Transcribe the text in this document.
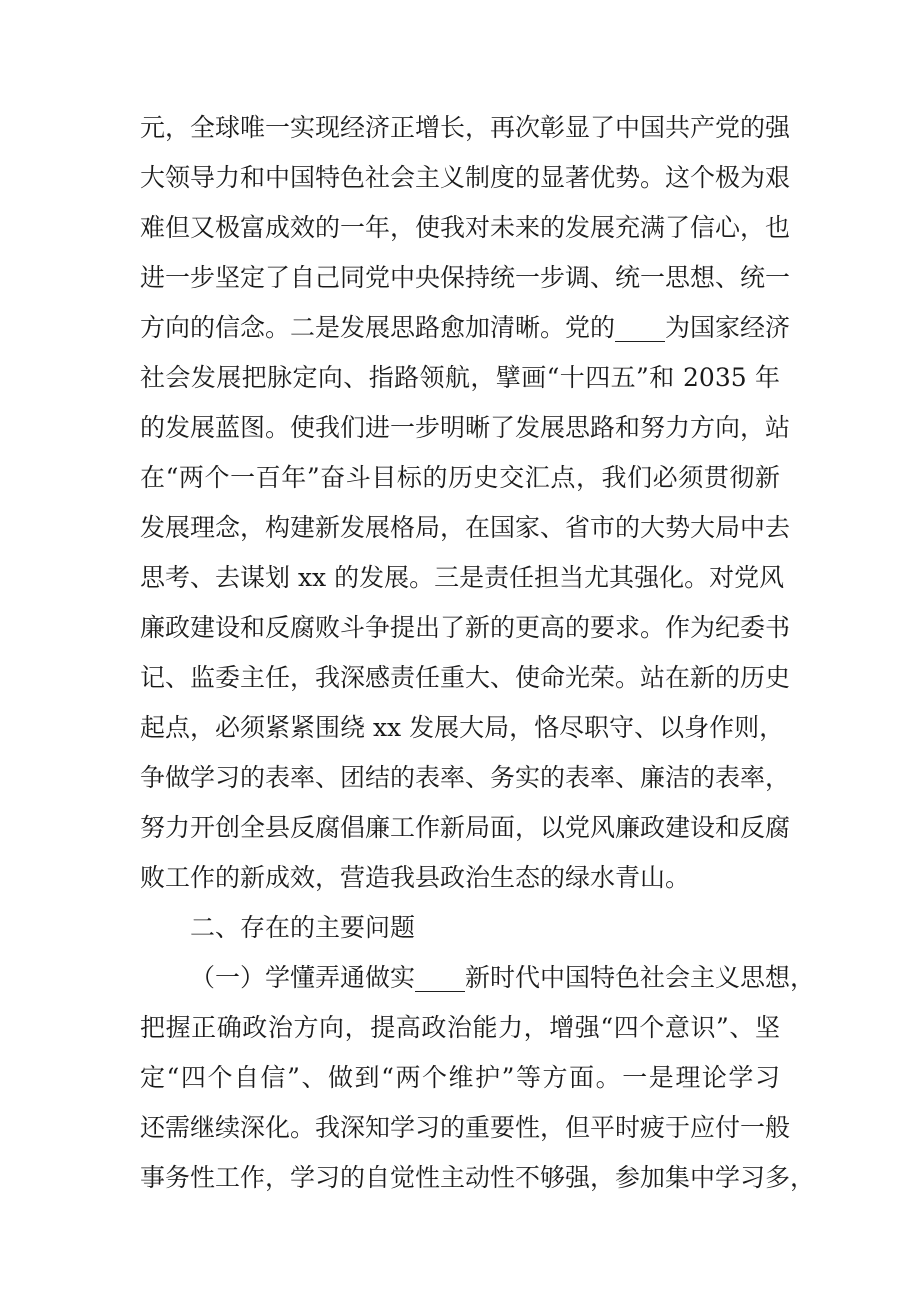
元，全球唯一实现经济正增长，再次彰显了中国共产党的强
大领导力和中国特色社会主义制度的显著优势。这个极为艰
难但又极富成效的一年，使我对未来的发展充满了信心，也
进一步坚定了自己同党中央保持统一步调、统一思想、统一
方向的信念。二是发展思路愈加清晰。党的____为国家经济
社会发展把脉定向、指路领航，擘画“十四五”和 2035 年
的发展蓝图。使我们进一步明晰了发展思路和努力方向，站
在“两个一百年”奋斗目标的历史交汇点，我们必须贯彻新
发展理念，构建新发展格局，在国家、省市的大势大局中去
思考、去谋划 xx 的发展。三是责任担当尤其强化。对党风
廉政建设和反腐败斗争提出了新的更高的要求。作为纪委书
记、监委主任，我深感责任重大、使命光荣。站在新的历史
起点，必须紧紧围绕 xx 发展大局，恪尽职守、以身作则，
争做学习的表率、团结的表率、务实的表率、廉洁的表率，
努力开创全县反腐倡廉工作新局面，以党风廉政建设和反腐
败工作的新成效，营造我县政治生态的绿水青山。
二、存在的主要问题
（一）学懂弄通做实____新时代中国特色社会主义思想，
把握正确政治方向，提高政治能力，增强“四个意识”、坚
定“四个自信”、做到“两个维护”等方面。一是理论学习
还需继续深化。我深知学习的重要性，但平时疲于应付一般
事务性工作，学习的自觉性主动性不够强，参加集中学习多，
